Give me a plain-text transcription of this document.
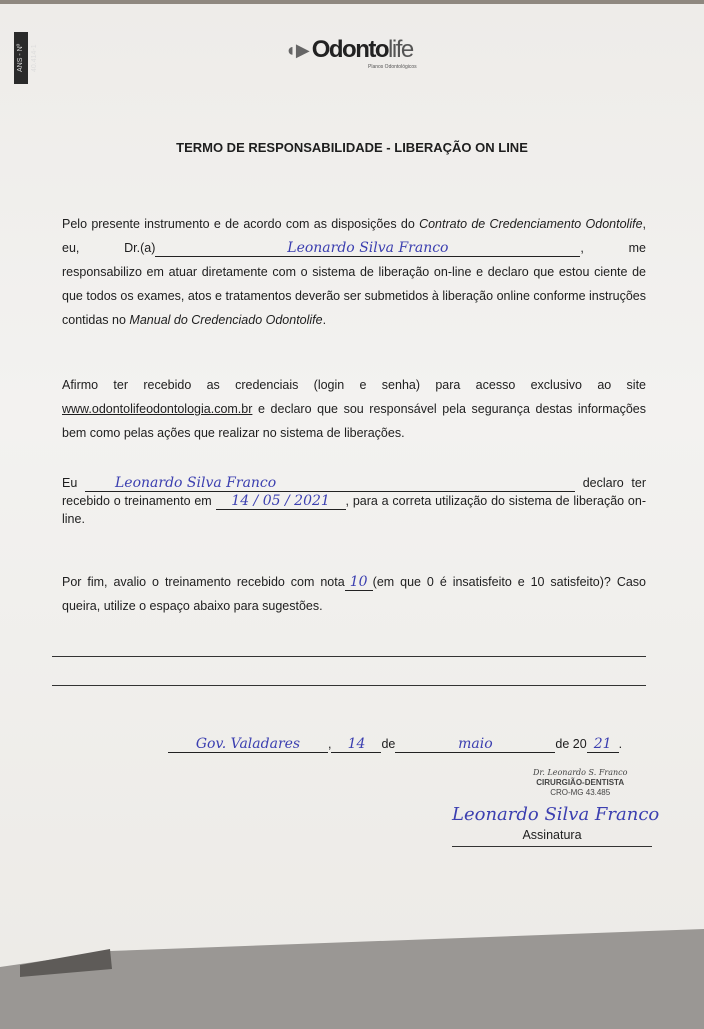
ANS - Nº 40.414-1	◖▶ Odontolife
Planos Odontológicos
TERMO DE RESPONSABILIDADE - LIBERAÇÃO ON LINE
Pelo presente instrumento e de acordo com as disposições do Contrato de Credenciamento Odontolife, eu, Dr.(a)	Leonardo Silva Franco	, me responsabilizo em atuar diretamente com o sistema de liberação on-line e declaro que estou ciente de que todos os exames, atos e tratamentos deverão ser submetidos à liberação online conforme instruções contidas no Manual do Credenciado Odontolife.
Afirmo ter recebido as credenciais (login e senha) para acesso exclusivo ao site www.odontolifeodontologia.com.br e declaro que sou responsável pela segurança destas informações bem como pelas ações que realizar no sistema de liberações.
Eu Leonardo Silva Franco	declaro ter recebido o treinamento em 14 / 05 / 2021 , para a correta utilização do sistema de liberação on-line.
Por fim, avalio o treinamento recebido com nota 10 (em que 0 é insatisfeito e 10 satisfeito)? Caso queira, utilize o espaço abaixo para sugestões.
Gov. Valadares , 14 de	maio	de 20 21 .
Dr. Leonardo S. Franco
CIRURGIÃO-DENTISTA
CRO-MG 43.485
Leonardo Silva Franco
Assinatura
